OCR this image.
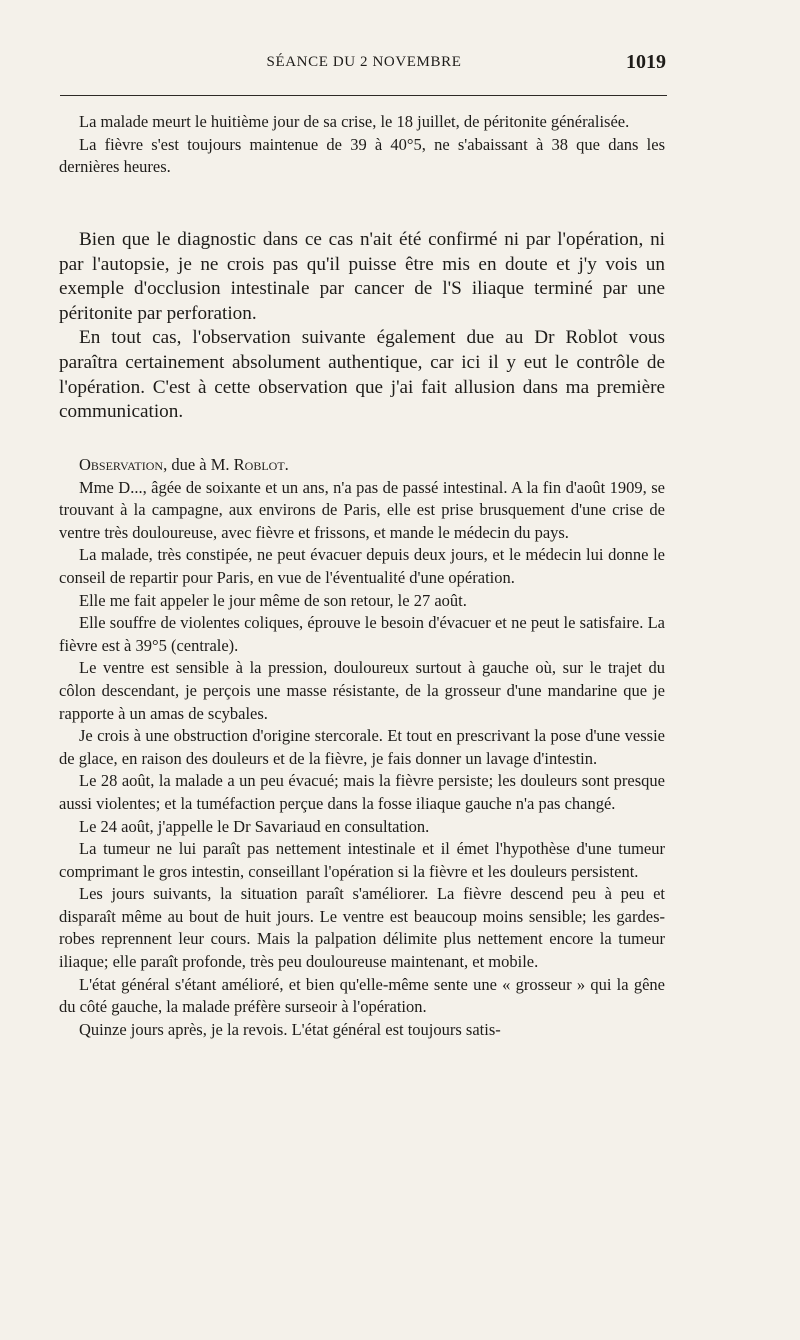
SÉANCE DU 2 NOVEMBRE	1019

La malade meurt le huitième jour de sa crise, le 18 juillet, de péritonite généralisée.

La fièvre s'est toujours maintenue de 39 à 40°5, ne s'abaissant à 38 que dans les dernières heures.

Bien que le diagnostic dans ce cas n'ait été confirmé ni par l'opération, ni par l'autopsie, je ne crois pas qu'il puisse être mis en doute et j'y vois un exemple d'occlusion intestinale par cancer de l'S iliaque terminé par une péritonite par perforation.

En tout cas, l'observation suivante également due au Dr Roblot vous paraîtra certainement absolument authentique, car ici il y eut le contrôle de l'opération. C'est à cette observation que j'ai fait allusion dans ma première communication.

Observation, due à M. Roblot.

Mme D..., âgée de soixante et un ans, n'a pas de passé intestinal. A la fin d'août 1909, se trouvant à la campagne, aux environs de Paris, elle est prise brusquement d'une crise de ventre très douloureuse, avec fièvre et frissons, et mande le médecin du pays.

La malade, très constipée, ne peut évacuer depuis deux jours, et le médecin lui donne le conseil de repartir pour Paris, en vue de l'éventualité d'une opération.

Elle me fait appeler le jour même de son retour, le 27 août.

Elle souffre de violentes coliques, éprouve le besoin d'évacuer et ne peut le satisfaire. La fièvre est à 39°5 (centrale).

Le ventre est sensible à la pression, douloureux surtout à gauche où, sur le trajet du côlon descendant, je perçois une masse résistante, de la grosseur d'une mandarine que je rapporte à un amas de scybales.

Je crois à une obstruction d'origine stercorale. Et tout en prescrivant la pose d'une vessie de glace, en raison des douleurs et de la fièvre, je fais donner un lavage d'intestin.

Le 28 août, la malade a un peu évacué; mais la fièvre persiste; les douleurs sont presque aussi violentes; et la tuméfaction perçue dans la fosse iliaque gauche n'a pas changé.

Le 24 août, j'appelle le Dr Savariaud en consultation.

La tumeur ne lui paraît pas nettement intestinale et il émet l'hypothèse d'une tumeur comprimant le gros intestin, conseillant l'opération si la fièvre et les douleurs persistent.

Les jours suivants, la situation paraît s'améliorer. La fièvre descend peu à peu et disparaît même au bout de huit jours. Le ventre est beaucoup moins sensible; les gardes-robes reprennent leur cours. Mais la palpation délimite plus nettement encore la tumeur iliaque; elle paraît profonde, très peu douloureuse maintenant, et mobile.

L'état général s'étant amélioré, et bien qu'elle-même sente une « grosseur » qui la gêne du côté gauche, la malade préfère surseoir à l'opération.

Quinze jours après, je la revois. L'état général est toujours satis-
